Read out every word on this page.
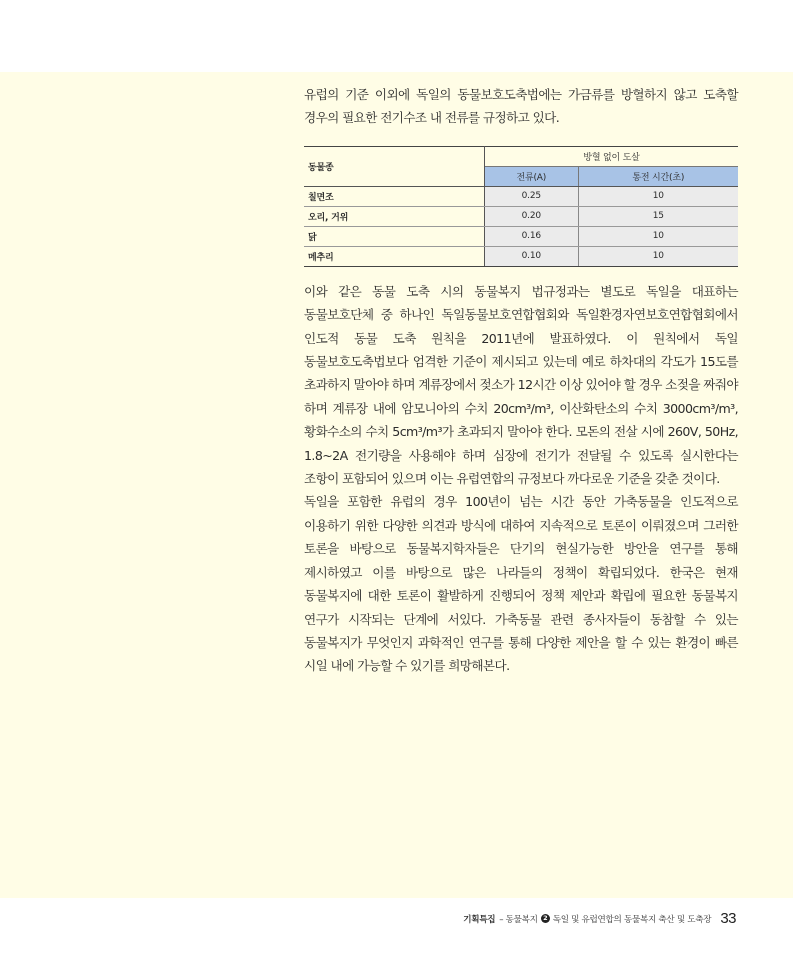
유럽의 기준 이외에 독일의 동물보호도축법에는 가금류를 방혈하지 않고 도축할 경우의 필요한 전기수조 내 전류를 규정하고 있다.

동물종	방혈 없이 도살	
	전류(A)	통전 시간(초)
칠면조	0.25	10
오리, 거위	0.20	15
닭	0.16	10
메추리	0.10	10

이와 같은 동물 도축 시의 동물복지 법규정과는 별도로 독일을 대표하는 동물보호단체 중 하나인 독일동물보호연합협회와 독일환경자연보호연합협회에서 인도적 동물 도축 원칙을 2011년에 발표하였다. 이 원칙에서 독일 동물보호도축법보다 엄격한 기준이 제시되고 있는데 예로 하차대의 각도가 15도를 초과하지 말아야 하며 계류장에서 젖소가 12시간 이상 있어야 할 경우 소젖을 짜줘야 하며 계류장 내에 암모니아의 수치 20cm³/m³, 이산화탄소의 수치 3000cm³/m³, 황화수소의 수치 5cm³/m³가 초과되지 말아야 한다. 모돈의 전살 시에 260V, 50Hz, 1.8~2A 전기량을 사용해야 하며 심장에 전기가 전달될 수 있도록 실시한다는 조항이 포함되어 있으며 이는 유럽연합의 규정보다 까다로운 기준을 갖춘 것이다.

독일을 포함한 유럽의 경우 100년이 넘는 시간 동안 가축동물을 인도적으로 이용하기 위한 다양한 의견과 방식에 대하여 지속적으로 토론이 이뤄졌으며 그러한 토론을 바탕으로 동물복지학자들은 단기의 현실가능한 방안을 연구를 통해 제시하였고 이를 바탕으로 많은 나라들의 정책이 확립되었다. 한국은 현재 동물복지에 대한 토론이 활발하게 진행되어 정책 제안과 확립에 필요한 동물복지 연구가 시작되는 단계에 서있다. 가축동물 관련 종사자들이 동참할 수 있는 동물복지가 무엇인지 과학적인 연구를 통해 다양한 제안을 할 수 있는 환경이 빠른 시일 내에 가능할 수 있기를 희망해본다.

기획특집 – 동물복지 2 독일 및 유럽연합의 동물복지 축산 및 도축장 33
